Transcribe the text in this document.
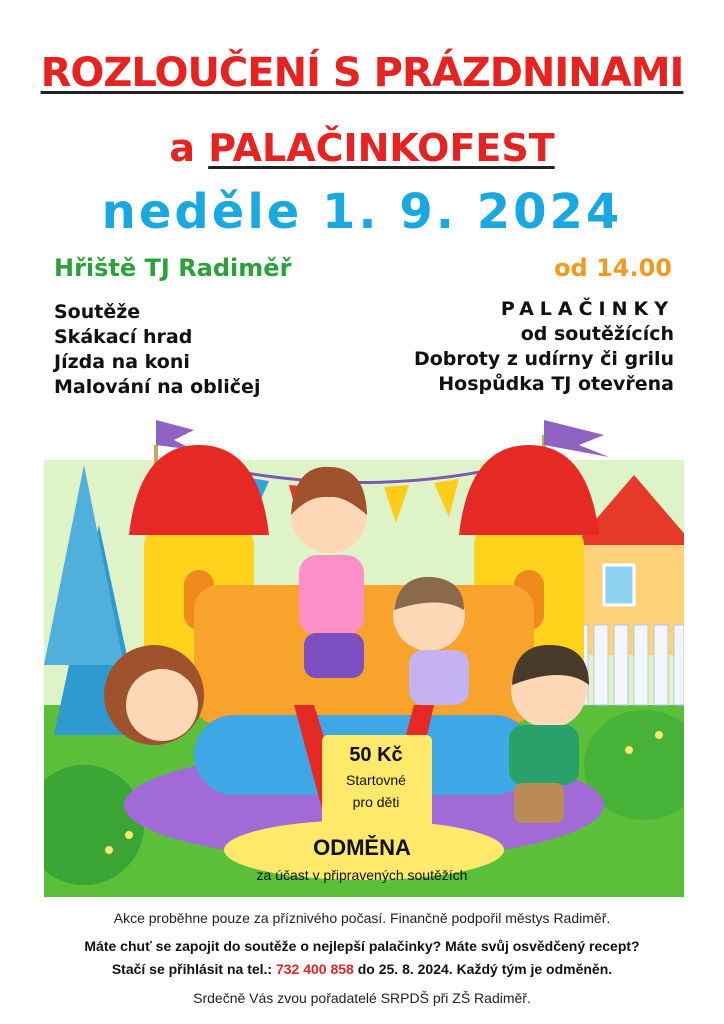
ROZLOUČENÍ S PRÁZDNINAMI
a PALAČINKOFEST
neděle 1. 9. 2024
Hřiště TJ Radiměř	od 14.00
Soutěže
Skákací hrad
Jízda na koni
Malování na obličej
PALAČINKY
od soutěžících
Dobroty z udírny či grilu
Hospůdka TJ otevřena
50 Kč
Startovné
pro děti
ODMĚNA
za účast v připravených soutěžích
Akce proběhne pouze za příznivého počasí. Finančně podpořil městys Radiměř.
Máte chuť se zapojit do soutěže o nejlepší palačinky? Máte svůj osvědčený recept?
Stačí se přihlásit na tel.: 732 400 858 do 25. 8. 2024. Každý tým je odměněn.
Srdečně Vás zvou pořadatelé SRPDŠ při ZŠ Radiměř.
